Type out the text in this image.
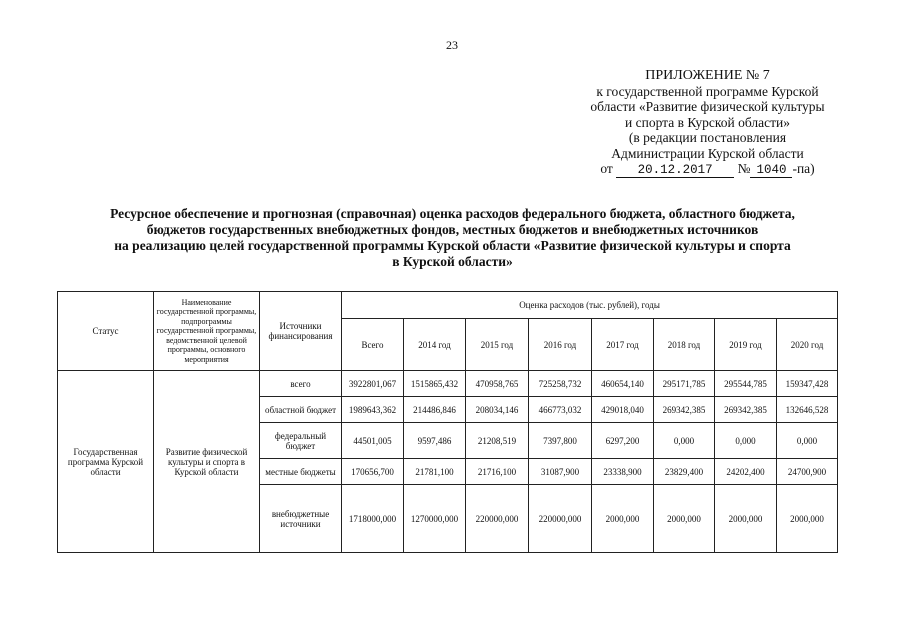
23
ПРИЛОЖЕНИЕ № 7
к государственной программе Курской
области «Развитие физической культуры
и спорта в Курской области»
(в редакции постановления
Администрации Курской области
от 20.12.2017 № 1040 -па)
Ресурсное обеспечение и прогнозная (справочная) оценка расходов федерального бюджета, областного бюджета,
бюджетов государственных внебюджетных фондов, местных бюджетов и внебюджетных источников
на реализацию целей государственной программы Курской области «Развитие физической культуры и спорта
в Курской области»
Статус	Наименование государственной программы, подпрограммы государственной программы, ведомственной целевой программы, основного мероприятия	Источники финансирования	Оценка расходов (тыс. рублей), годы							
			Всего	2014 год	2015 год	2016 год	2017 год	2018 год	2019 год	2020 год
Государственная программа Курской области	Развитие физической культуры и спорта в Курской области	всего	3922801,067	1515865,432	470958,765	725258,732	460654,140	295171,785	295544,785	159347,428
		областной бюджет	1989643,362	214486,846	208034,146	466773,032	429018,040	269342,385	269342,385	132646,528
		федеральный бюджет	44501,005	9597,486	21208,519	7397,800	6297,200	0,000	0,000	0,000
		местные бюджеты	170656,700	21781,100	21716,100	31087,900	23338,900	23829,400	24202,400	24700,900
		внебюджетные источники	1718000,000	1270000,000	220000,000	220000,000	2000,000	2000,000	2000,000	2000,000
